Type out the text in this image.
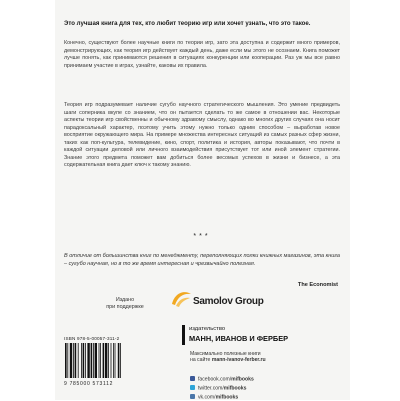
Это лучшая книга для тех, кто любит теорию игр или хочет узнать, что это такое.
Конечно, существуют более научные книги по теории игр, зато эта доступна и содержит много примеров, демонстрирующих, как теория игр действует каждый день, даже если мы этого не осознаем. Книга поможет лучше понять, как принимаются решения в ситуациях конкуренции или кооперации. Раз уж мы все равно принимаем участие в играх, узнайте, каковы их правила.
Теория игр подразумевает наличие сугубо научного стратегического мышления. Это умение предвидеть шаги соперника вкупе со знанием, что он пытается сделать то же самое в отношении вас. Некоторые аспекты теории игр свойственны и обычному здравому смыслу, однако во многих других случаях она носит парадоксальный характер, поэтому учить этому нужно только одним способом – выработав новое восприятие окружающего мира. На примере множества интересных ситуаций из самых разных сфер жизни, таких как поп-культура, телевидение, кино, спорт, политика и история, авторы показывают, что почти в каждой ситуации деловой или личного взаимодействия присутствует тот или иной элемент стратегии. Знание этого предмета поможет вам добиться более весомых успехов в жизни и бизнесе, а эта содержательная книга дает ключ к такому знанию.
***
В отличие от большинства книг по менеджменту, переполняющих полки книжных магазинов, эта книга – сугубо научная, но в то же время интересная и чрезвычайно полезная.
The Economist
Издано
при поддержке	Samolov Group
ISBN 978-5-00057-311-2
9 785000 573112
издательство
МАНН, ИВАНОВ И ФЕРБЕР
Максимально полезные книги
на сайте mann-ivanov-ferber.ru
facebook.com/mifbooks
twitter.com/mifbooks
vk.com/mifbooks
